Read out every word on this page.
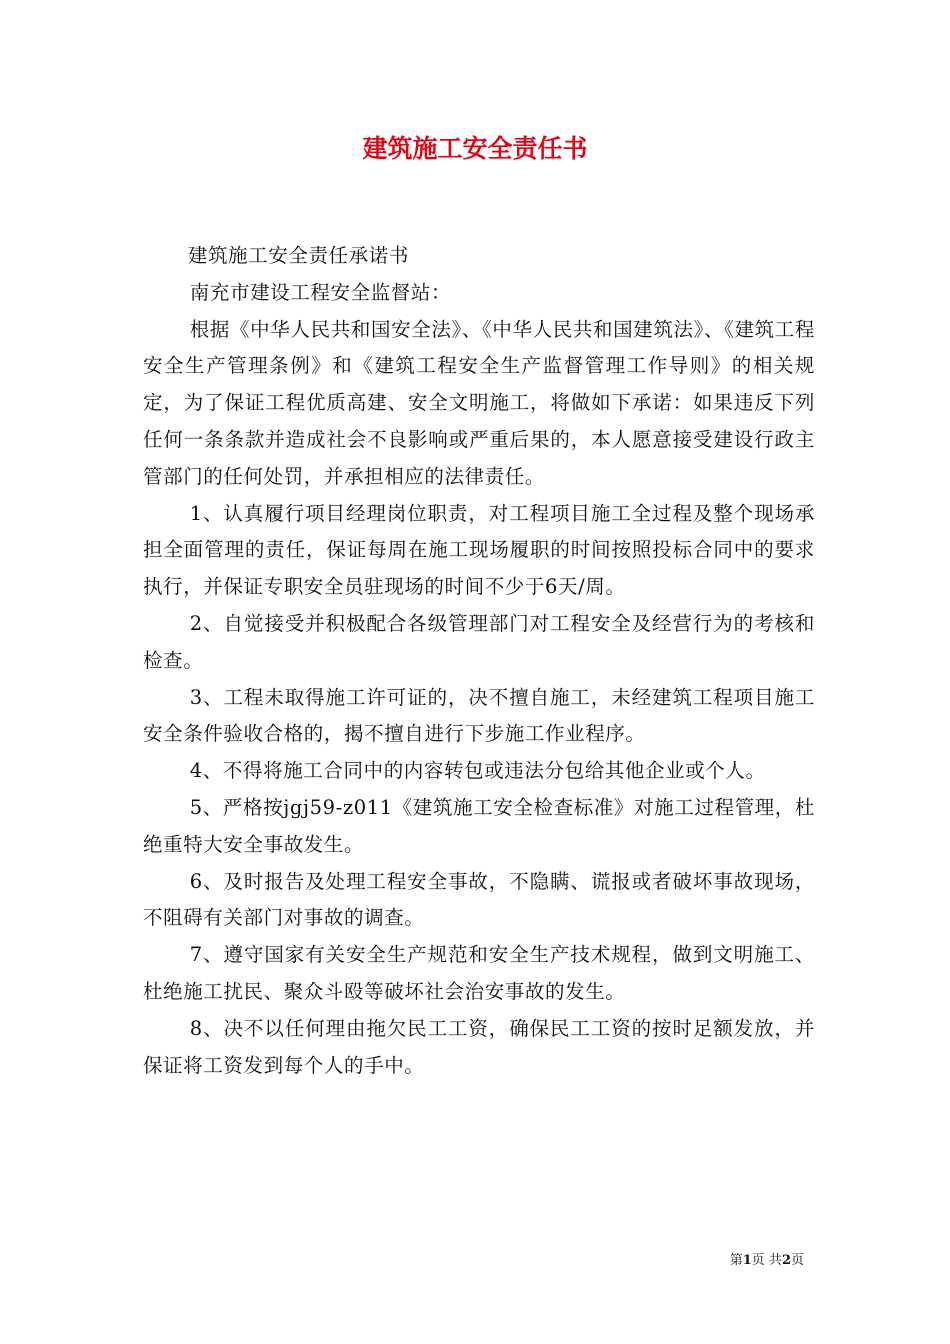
建筑施工安全责任书

建筑施工安全责任承诺书

南充市建设工程安全监督站：

根据《中华人民共和国安全法》、《中华人民共和国建筑法》、《建筑工程安全生产管理条例》和《建筑工程安全生产监督管理工作导则》的相关规定，为了保证工程优质高建、安全文明施工，将做如下承诺：如果违反下列任何一条条款并造成社会不良影响或严重后果的，本人愿意接受建设行政主管部门的任何处罚，并承担相应的法律责任。

1、认真履行项目经理岗位职责，对工程项目施工全过程及整个现场承担全面管理的责任，保证每周在施工现场履职的时间按照投标合同中的要求执行，并保证专职安全员驻现场的时间不少于6天/周。

2、自觉接受并积极配合各级管理部门对工程安全及经营行为的考核和检查。

3、工程未取得施工许可证的，决不擅自施工，未经建筑工程项目施工安全条件验收合格的，揭不擅自进行下步施工作业程序。

4、不得将施工合同中的内容转包或违法分包给其他企业或个人。

5、严格按jgj59-z011《建筑施工安全检查标准》对施工过程管理，杜绝重特大安全事故发生。

6、及时报告及处理工程安全事故，不隐瞒、谎报或者破坏事故现场，不阻碍有关部门对事故的调查。

7、遵守国家有关安全生产规范和安全生产技术规程，做到文明施工、杜绝施工扰民、聚众斗殴等破坏社会治安事故的发生。

8、决不以任何理由拖欠民工工资，确保民工工资的按时足额发放，并保证将工资发到每个人的手中。

第1页 共2页
